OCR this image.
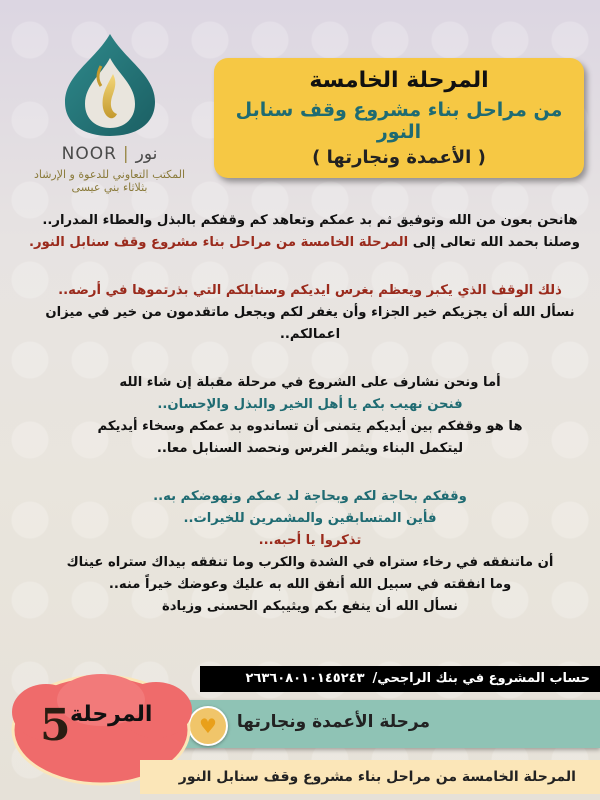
NOOR | نور
المكتب التعاوني للدعوة و الإرشاد
بثلاثاء بني عيسى
المرحلة الخامسة
من مراحل بناء مشروع وقف سنابل النور
( الأعمدة ونجارتها )
هانحن بعون من الله وتوفيق ثم بد عمكم وتعاهد كم وقفكم بالبذل والعطاء المدرار..
وصلنا بحمد الله تعالى إلى المرحلة الخامسة من مراحل بناء مشروع وقف سنابل النور.
ذلك الوقف الذي يكبر ويعظم بغرس ايديكم وسنابلكم التي بذرتموها في أرضه..
نسأل الله أن يجزيكم خير الجزاء وأن يغفر لكم ويجعل ماتقدمون من خير في ميزان
اعمالكم..
أما ونحن نشارف على الشروع في مرحلة مقبلة إن شاء الله
فنحن نهيب بكم يا أهل الخير والبذل والإحسان..
ها هو وقفكم بين أيديكم يتمنى أن تساندوه بد عمكم وسخاء أيديكم
ليتكمل البناء ويثمر الغرس ونحصد السنابل معا..
وقفكم بحاجة لكم وبحاجة لد عمكم ونهوضكم به..
فأين المتسابقين والمشمرين للخيرات..
تذكروا يا أحبه...
أن ماتنفقه في رخاء ستراه في الشدة والكرب وما تنفقه بيداك ستراه عيناك
وما انفقته في سبيل الله أنفق الله به عليك وعوضك خيراً منه..
نسأل الله أن ينفع بكم ويثيبكم الحسنى وزيادة
حساب المشروع في بنك الراجحي/٢٦٣٦٠٨٠١٠١٤٥٢٤٣
مرحلة الأعمدة ونجارتها
♥
المرحلة
5
المرحلة الخامسة من مراحل بناء مشروع وقف سنابل النور
